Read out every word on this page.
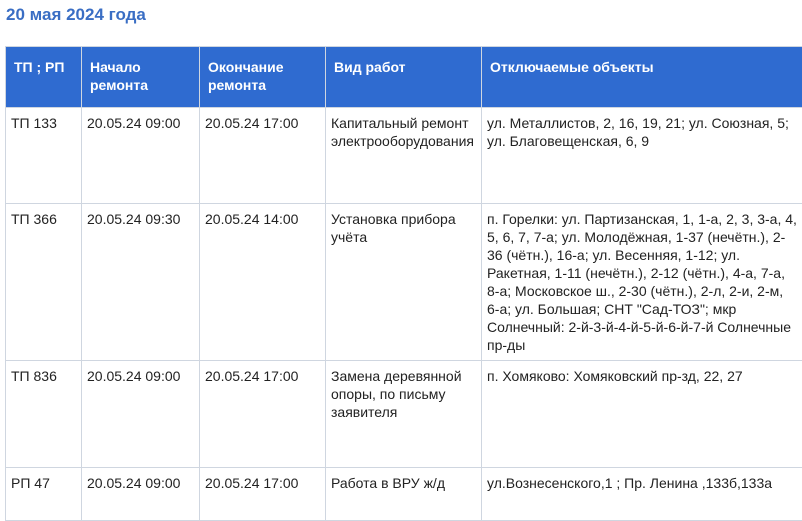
20 мая 2024 года
ТП ; РП	Начало ремонта	Окончание ремонта	Вид работ	Отключаемые объекты
ТП 133	20.05.24 09:00	20.05.24 17:00	Капитальный ремонт электрооборудования	ул. Металлистов, 2, 16, 19, 21; ул. Союзная, 5; ул. Благовещенская, 6, 9
ТП 366	20.05.24 09:30	20.05.24 14:00	Установка прибора учёта	п. Горелки: ул. Партизанская, 1, 1-а, 2, 3, 3-а, 4, 5, 6, 7, 7-а; ул. Молодёжная, 1-37 (нечётн.), 2-36 (чётн.), 16-а; ул. Весенняя, 1-12; ул. Ракетная, 1-11 (нечётн.), 2-12 (чётн.), 4-а, 7-а, 8-а; Московское ш., 2-30 (чётн.), 2-л, 2-и, 2-м, 6-а; ул. Большая; СНТ "Сад-ТОЗ"; мкр Солнечный: 2-й-3-й-4-й-5-й-6-й-7-й Солнечные пр-ды
ТП 836	20.05.24 09:00	20.05.24 17:00	Замена деревянной опоры, по письму заявителя	п. Хомяково: Хомяковский пр-зд, 22, 27
РП 47	20.05.24 09:00	20.05.24 17:00	Работа в ВРУ ж/д	ул.Вознесенского,1 ; Пр. Ленина ,133б,133а
